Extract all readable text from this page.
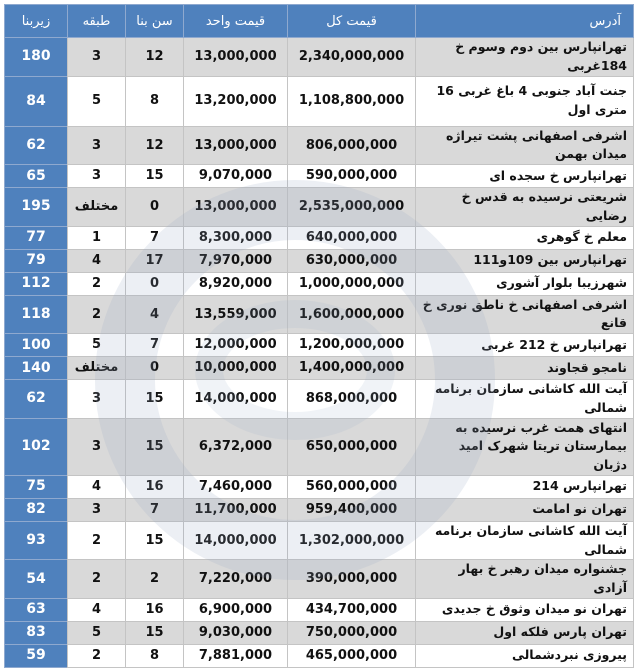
آدرس	قیمت کل	قیمت واحد	سن بنا	طبقه	زیربنا
تهرانپارس بین دوم وسوم خ 184غربی	2,340,000,000	13,000,000	12	3	180
جنت آباد جنوبی 4 باغ غربی 16 متری اول	1,108,800,000	13,200,000	8	5	84
اشرفی اصفهانی پشت تیراژه میدان بهمن	806,000,000	13,000,000	12	3	62
تهرانپارس خ سجده ای	590,000,000	9,070,000	15	3	65
شریعتی نرسیده به قدس خ رضایی	2,535,000,000	13,000,000	0	مختلف	195
معلم خ گوهری	640,000,000	8,300,000	7	1	77
تهرانپارس بین 109و111	630,000,000	7,970,000	17	4	79
شهرزیبا بلوار آشوری	1,000,000,000	8,920,000	0	2	112
اشرفی اصفهانی خ ناطق نوری خ قانع	1,600,000,000	13,559,000	4	2	118
تهرانپارس خ 212 غربی	1,200,000,000	12,000,000	7	5	100
نامجو قجاوند	1,400,000,000	10,000,000	0	مختلف	140
آیت الله کاشانی سازمان برنامه شمالی	868,000,000	14,000,000	15	3	62
انتهای همت غرب نرسیده به بیمارستان تریتا شهرک امید دژبان	650,000,000	6,372,000	15	3	102
تهرانپارس 214	560,000,000	7,460,000	16	4	75
تهران نو امامت	959,400,000	11,700,000	7	3	82
آیت الله کاشانی سازمان برنامه شمالی	1,302,000,000	14,000,000	15	2	93
جشنواره میدان رهبر خ بهار آزادی	390,000,000	7,220,000	2	2	54
تهران نو میدان وثوق خ جدیدی	434,700,000	6,900,000	16	4	63
تهران پارس فلکه اول	750,000,000	9,030,000	15	5	83
پیروزی نبردشمالی	465,000,000	7,881,000	8	2	59
